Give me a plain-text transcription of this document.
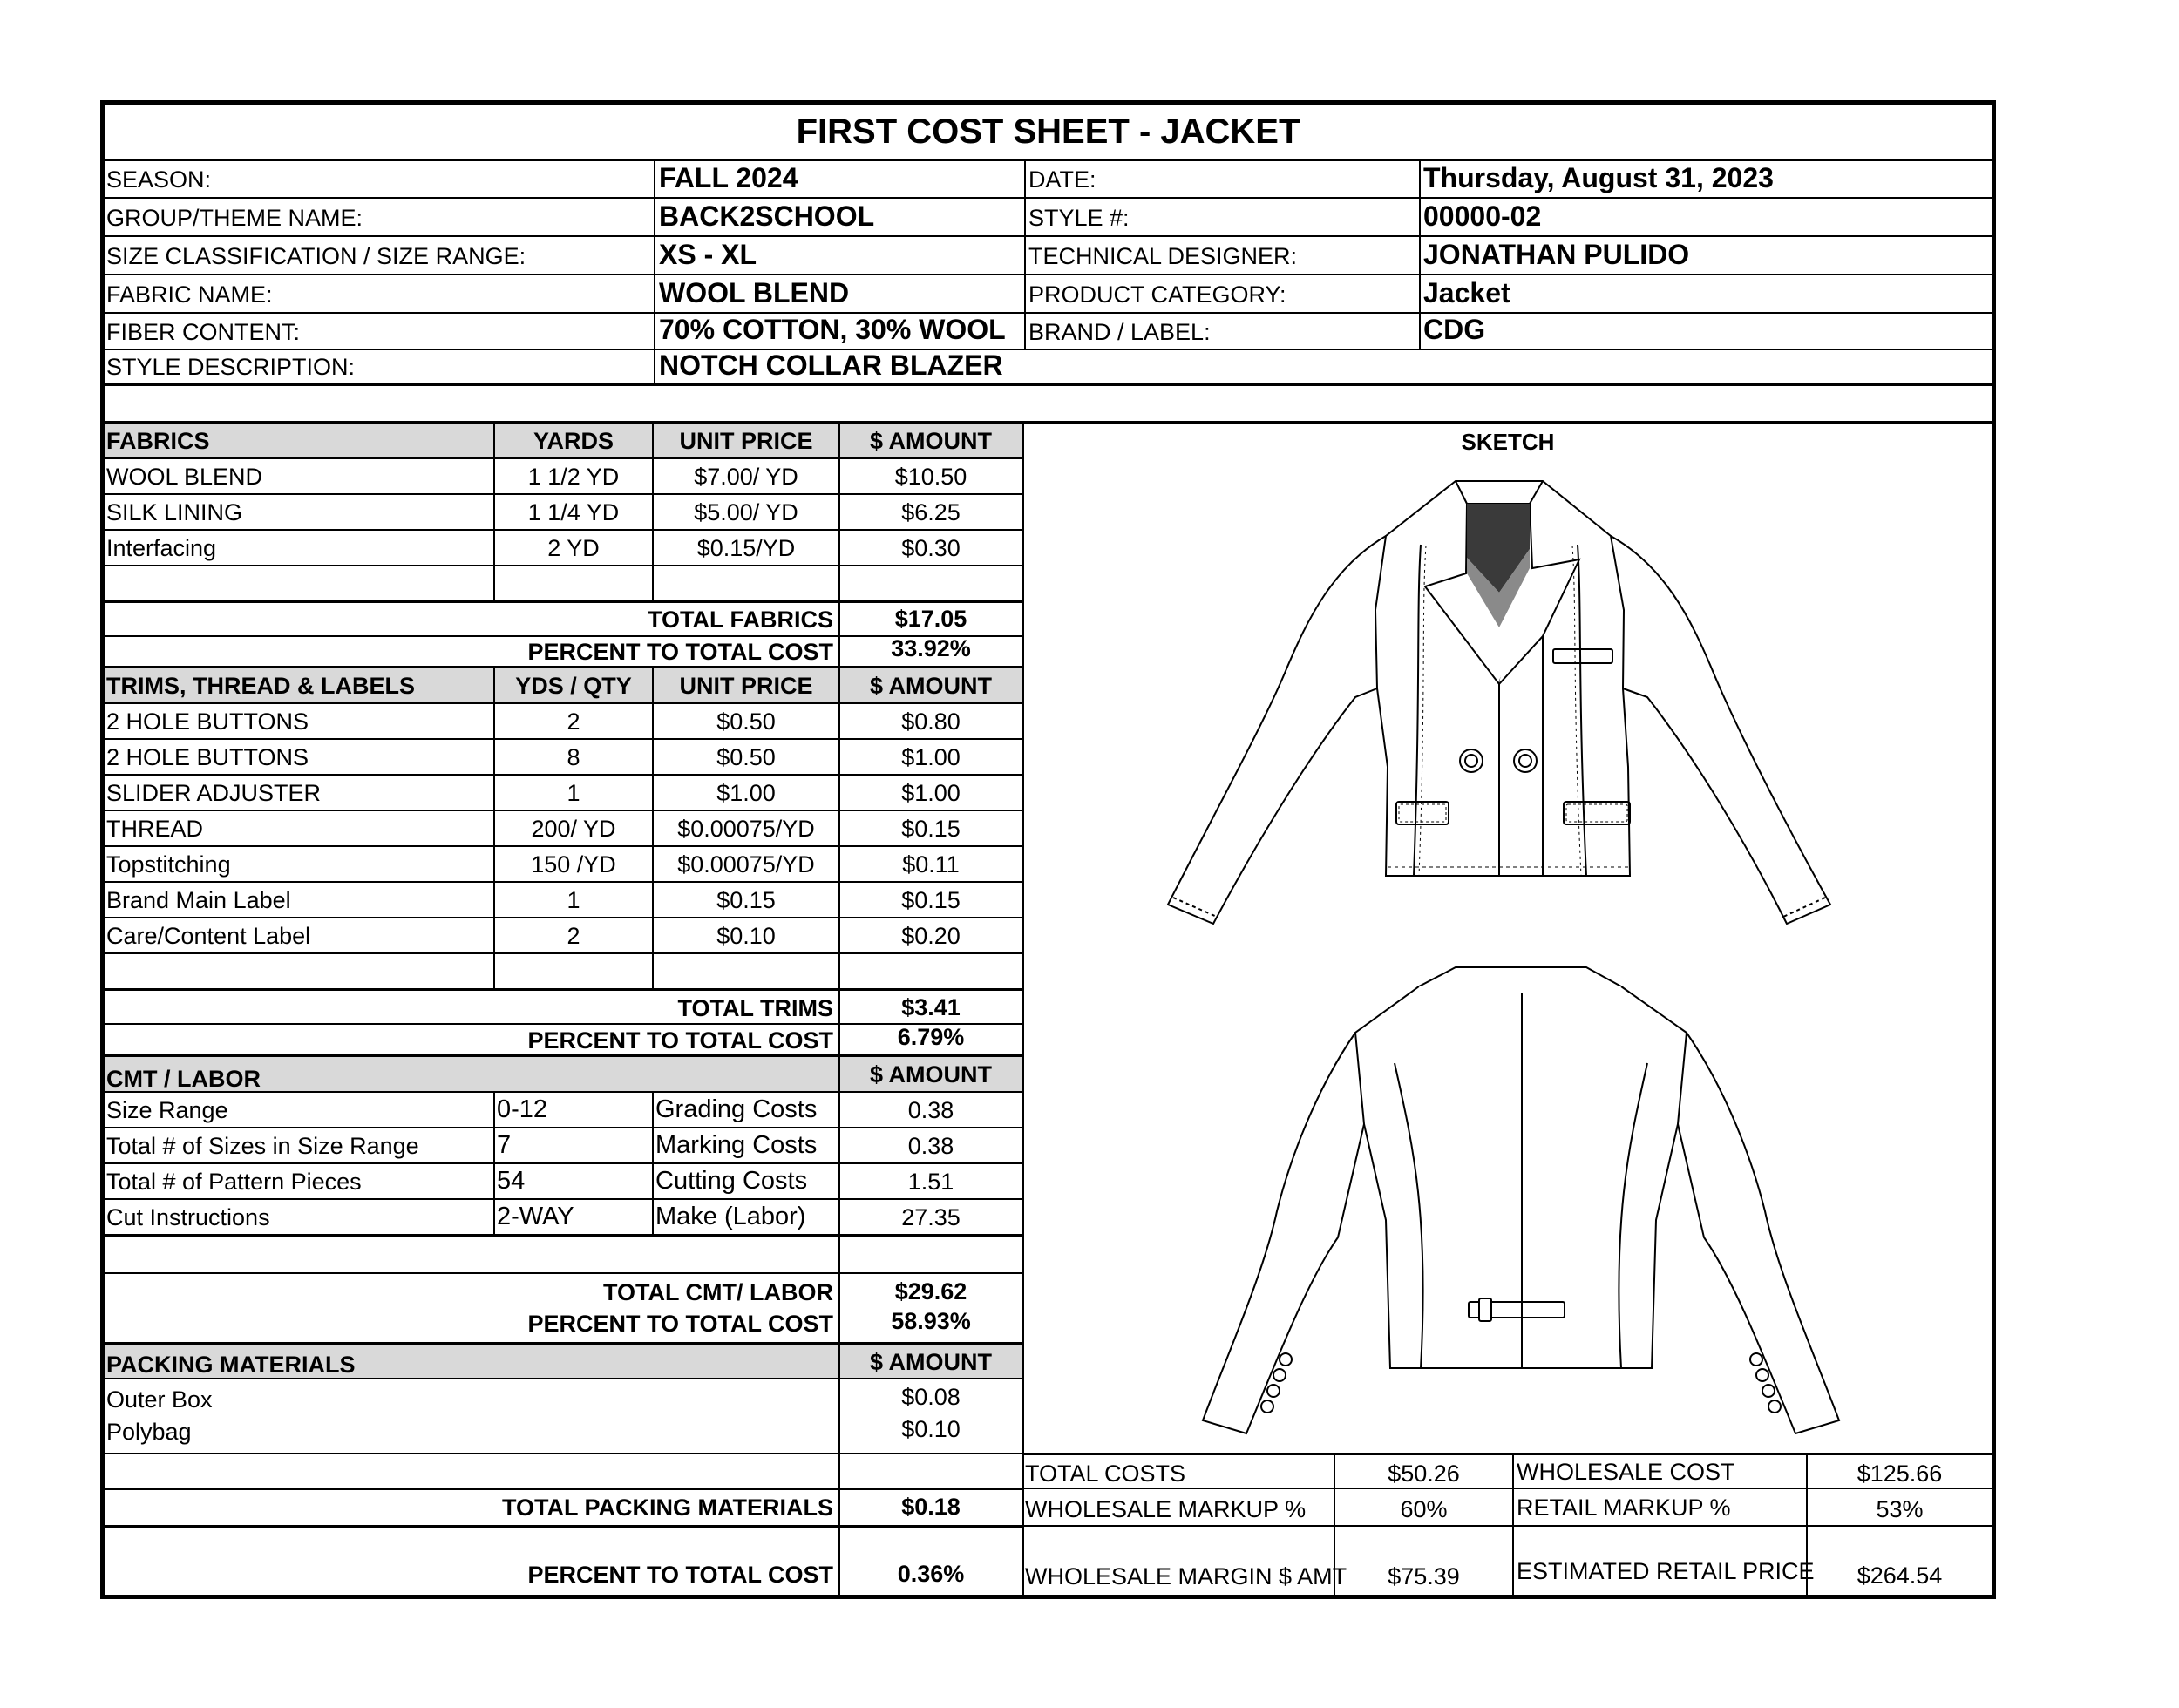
FIRST COST SHEET - JACKET
SEASON:	FALL 2024
GROUP/THEME NAME:	BACK2SCHOOL
SIZE CLASSIFICATION / SIZE RANGE:	XS - XL
FABRIC NAME:	WOOL BLEND
FIBER CONTENT:	70% COTTON, 30% WOOL
STYLE DESCRIPTION:	NOTCH COLLAR BLAZER
DATE:	Thursday, August 31, 2023
STYLE #:	00000-02
TECHNICAL DESIGNER:	JONATHAN PULIDO
PRODUCT CATEGORY:	Jacket
BRAND / LABEL:	CDG
FABRICS	YARDS	UNIT PRICE	$ AMOUNT
WOOL BLEND	1 1/2 YD	$7.00/ YD	$10.50
SILK LINING	1 1/4 YD	$5.00/ YD	$6.25
Interfacing	2 YD	$0.15/YD	$0.30
TOTAL FABRICS	$17.05
PERCENT TO TOTAL COST	33.92%
TRIMS, THREAD & LABELS	YDS / QTY	UNIT PRICE	$ AMOUNT
2 HOLE BUTTONS	2	$0.50	$0.80
2 HOLE BUTTONS	8	$0.50	$1.00
SLIDER ADJUSTER	1	$1.00	$1.00
THREAD	200/ YD	$0.00075/YD	$0.15
Topstitching	150 /YD	$0.00075/YD	$0.11
Brand Main Label	1	$0.15	$0.15
Care/Content Label	2	$0.10	$0.20
TOTAL TRIMS	$3.41
PERCENT TO TOTAL COST	6.79%
CMT / LABOR	$ AMOUNT
Size Range	0-12	Grading Costs	0.38
Total # of Sizes in Size Range	7	Marking Costs	0.38
Total # of Pattern Pieces	54	Cutting Costs	1.51
Cut Instructions	2-WAY	Make (Labor)	27.35
TOTAL CMT/ LABOR	$29.62
PERCENT TO TOTAL COST	58.93%
PACKING MATERIALS	$ AMOUNT
Outer Box	$0.08
Polybag	$0.10
TOTAL PACKING MATERIALS	$0.18
PERCENT TO TOTAL COST	0.36%
SKETCH
TOTAL COSTS	$50.26	WHOLESALE COST	$125.66
WHOLESALE MARKUP %	60%	RETAIL MARKUP %	53%
WHOLESALE MARGIN $ AMT	$75.39	ESTIMATED RETAIL PRICE	$264.54
